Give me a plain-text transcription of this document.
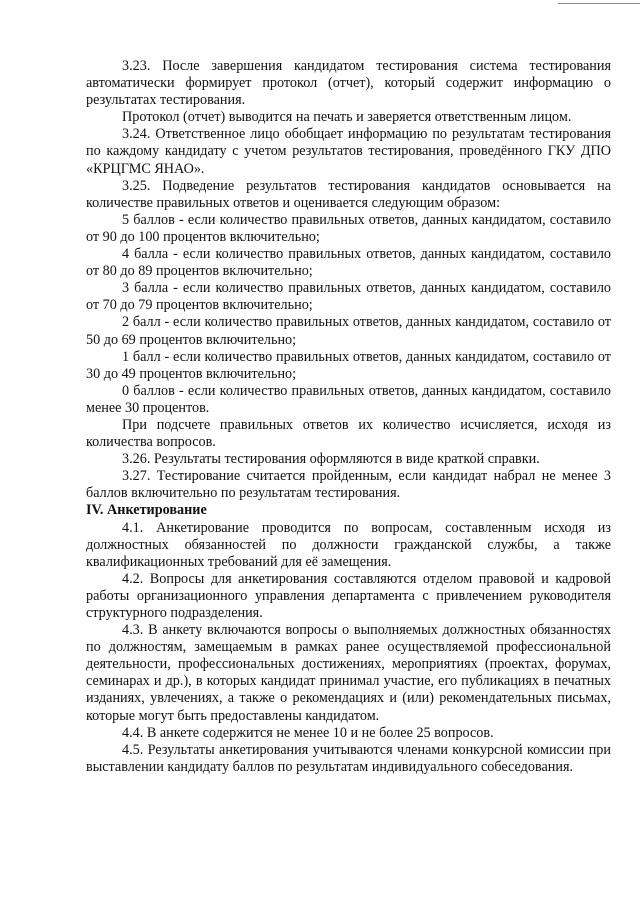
3.23. После завершения кандидатом тестирования система тестирования автоматически формирует протокол (отчет), который содержит информацию о результатах тестирования.

Протокол (отчет) выводится на печать и заверяется ответственным лицом.

3.24. Ответственное лицо обобщает информацию по результатам тестирования по каждому кандидату с учетом результатов тестирования, проведённого ГКУ ДПО «КРЦГМС ЯНАО».

3.25. Подведение результатов тестирования кандидатов основывается на количестве правильных ответов и оценивается следующим образом:

5 баллов - если количество правильных ответов, данных кандидатом, составило от 90 до 100 процентов включительно;

4 балла - если количество правильных ответов, данных кандидатом, составило от 80 до 89 процентов включительно;

3 балла - если количество правильных ответов, данных кандидатом, составило от 70 до 79 процентов включительно;

2 балл - если количество правильных ответов, данных кандидатом, составило от 50 до 69 процентов включительно;

1 балл - если количество правильных ответов, данных кандидатом, составило от 30 до 49 процентов включительно;

0 баллов - если количество правильных ответов, данных кандидатом, составило менее 30 процентов.

При подсчете правильных ответов их количество исчисляется, исходя из количества вопросов.

3.26. Результаты тестирования оформляются в виде краткой справки.

3.27. Тестирование считается пройденным, если кандидат набрал не менее 3 баллов включительно по результатам тестирования.

IV. Анкетирование

4.1. Анкетирование проводится по вопросам, составленным исходя из должностных обязанностей по должности гражданской службы, а также квалификационных требований для её замещения.

4.2. Вопросы для анкетирования составляются отделом правовой и кадровой работы организационного управления департамента с привлечением руководителя структурного подразделения.

4.3. В анкету включаются вопросы о выполняемых должностных обязанностях по должностям, замещаемым в рамках ранее осуществляемой профессиональной деятельности, профессиональных достижениях, мероприятиях (проектах, форумах, семинарах и др.), в которых кандидат принимал участие, его публикациях в печатных изданиях, увлечениях, а также о рекомендациях и (или) рекомендательных письмах, которые могут быть предоставлены кандидатом.

4.4. В анкете содержится не менее 10 и не более 25 вопросов.

4.5. Результаты анкетирования учитываются членами конкурсной комиссии при выставлении кандидату баллов по результатам индивидуального собеседования.
